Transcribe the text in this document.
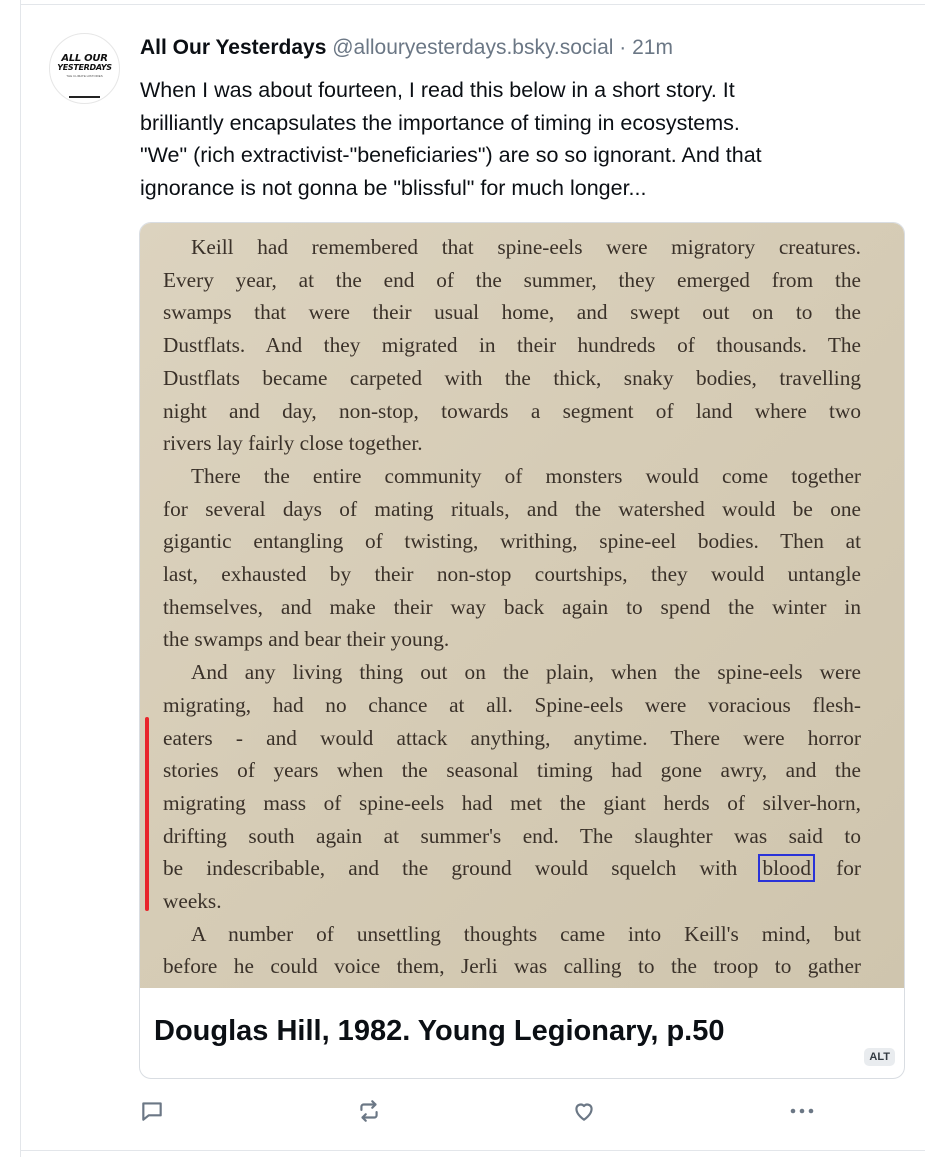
ALL OUR
YESTERDAYS
THE CLIMATE HISTORIES
All Our Yesterdays @allouryesterdays.bsky.social · 21m

When I was about fourteen, I read this below in a short story. It

brilliantly encapsulates the importance of timing in ecosystems.

"We" (rich extractivist-"beneficiaries") are so so ignorant. And that

ignorance is not gonna be "blissful" for much longer...

Keill had remembered that spine-eels were migratory creatures.
Every year, at the end of the summer, they emerged from the
swamps that were their usual home, and swept out on to the
Dustflats. And they migrated in their hundreds of thousands. The
Dustflats became carpeted with the thick, snaky bodies, travelling
night and day, non-stop, towards a segment of land where two
rivers lay fairly close together.
There the entire community of monsters would come together
for several days of mating rituals, and the watershed would be one
gigantic entangling of twisting, writhing, spine-eel bodies. Then at
last, exhausted by their non-stop courtships, they would untangle
themselves, and make their way back again to spend the winter in
the swamps and bear their young.
And any living thing out on the plain, when the spine-eels were
migrating, had no chance at all. Spine-eels were voracious flesh-
eaters - and would attack anything, anytime. There were horror
stories of years when the seasonal timing had gone awry, and the
migrating mass of spine-eels had met the giant herds of silver-horn,
drifting south again at summer's end. The slaughter was said to
be indescribable, and the ground would squelch with blood for
weeks.
A number of unsettling thoughts came into Keill's mind, but
before he could voice them, Jerli was calling to the troop to gather
Douglas Hill, 1982. Young Legionary, p.50
ALT
